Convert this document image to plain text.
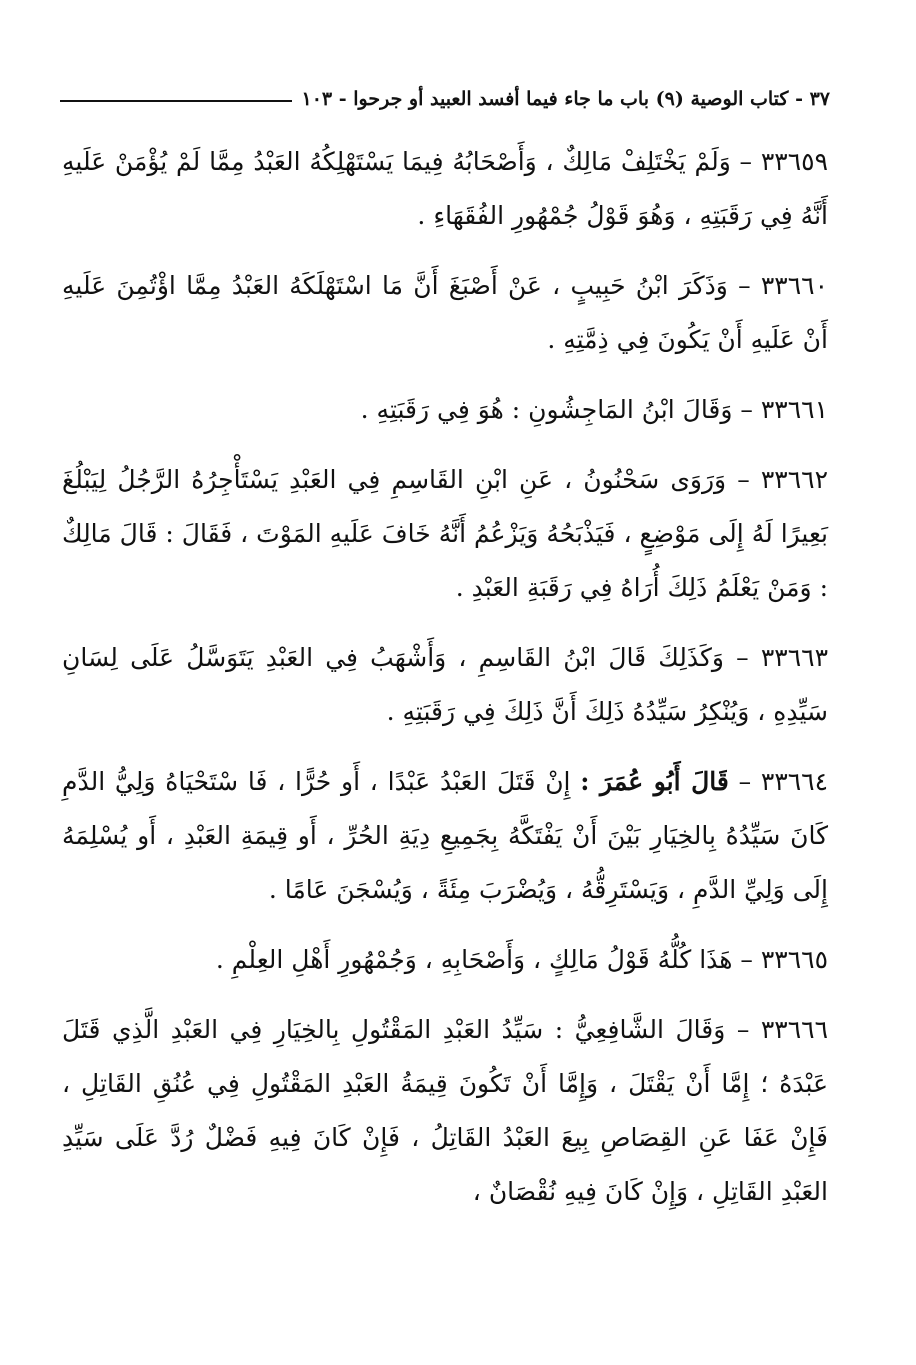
٣٧ - كتاب الوصية (٩) باب ما جاء فيما أفسد العبيد أو جرحوا - ١٠٣

٣٣٦٥٩ – وَلَمْ يَخْتَلِفْ مَالِكٌ ، وَأَصْحَابُهُ فِيمَا يَسْتَهْلِكُهُ العَبْدُ مِمَّا لَمْ يُؤْمَنْ عَلَيهِ أَنَّهُ فِي رَقَبَتِهِ ، وَهُوَ قَوْلُ جُمْهُورِ الفُقَهَاءِ .

٣٣٦٦٠ – وَذَكَرَ ابْنُ حَبِيبٍ ، عَنْ أَصْبَغَ أَنَّ مَا اسْتَهْلَكَهُ العَبْدُ مِمَّا اؤْتُمِنَ عَلَيهِ أَنْ عَلَيهِ أَنْ يَكُونَ فِي ذِمَّتِهِ .

٣٣٦٦١ – وَقَالَ ابْنُ المَاجِشُونِ : هُوَ فِي رَقَبَتِهِ .

٣٣٦٦٢ – وَرَوَى سَحْنُونُ ، عَنِ ابْنِ القَاسِمِ فِي العَبْدِ يَسْتَأْجِرُهُ الرَّجُلُ لِيَبْلُغَ بَعِيرًا لَهُ إِلَى مَوْضِعٍ ، فَيَذْبَحُهُ وَيَزْعُمُ أَنَّهُ خَافَ عَلَيهِ المَوْتَ ، فَقَالَ : قَالَ مَالِكٌ : وَمَنْ يَعْلَمُ ذَلِكَ أُرَاهُ فِي رَقَبَةِ العَبْدِ .

٣٣٦٦٣ – وَكَذَلِكَ قَالَ ابْنُ القَاسِمِ ، وَأَشْهَبُ فِي العَبْدِ يَتَوَسَّلُ عَلَى لِسَانِ سَيِّدِهِ ، وَيُنْكِرُ سَيِّدُهُ ذَلِكَ أَنَّ ذَلِكَ فِي رَقَبَتِهِ .

٣٣٦٦٤ – قَالَ أَبُو عُمَرَ : إِنْ قَتَلَ العَبْدُ عَبْدًا ، أَو حُرًّا ، فَا سْتَحْيَاهُ وَلِيُّ الدَّمِ كَانَ سَيِّدُهُ بِالخِيَارِ بَيْنَ أَنْ يَفْتَكَّهُ بِجَمِيعِ دِيَةِ الحُرِّ ، أَو قِيمَةِ العَبْدِ ، أَو يُسْلِمَهُ إِلَى وَلِيِّ الدَّمِ ، وَيَسْتَرِقُّهُ ، وَيُضْرَبَ مِئَةً ، وَيُسْجَنَ عَامًا .

٣٣٦٦٥ – هَذَا كُلُّهُ قَوْلُ مَالِكٍ ، وَأَصْحَابِهِ ، وَجُمْهُورِ أَهْلِ العِلْمِ .

٣٣٦٦٦ – وَقَالَ الشَّافِعِيُّ : سَيِّدُ العَبْدِ المَقْتُولِ بِالخِيَارِ فِي العَبْدِ الَّذِي قَتَلَ عَبْدَهُ ؛ إِمَّا أَنْ يَقْتَلَ ، وَإِمَّا أَنْ تَكُونَ قِيمَةُ العَبْدِ المَقْتُولِ فِي عُنُقِ القَاتِلِ ، فَإِنْ عَفَا عَنِ القِصَاصِ بِيعَ العَبْدُ القَاتِلُ ، فَإِنْ كَانَ فِيهِ فَضْلٌ رُدَّ عَلَى سَيِّدِ العَبْدِ القَاتِلِ ، وَإِنْ كَانَ فِيهِ نُقْصَانٌ ،
